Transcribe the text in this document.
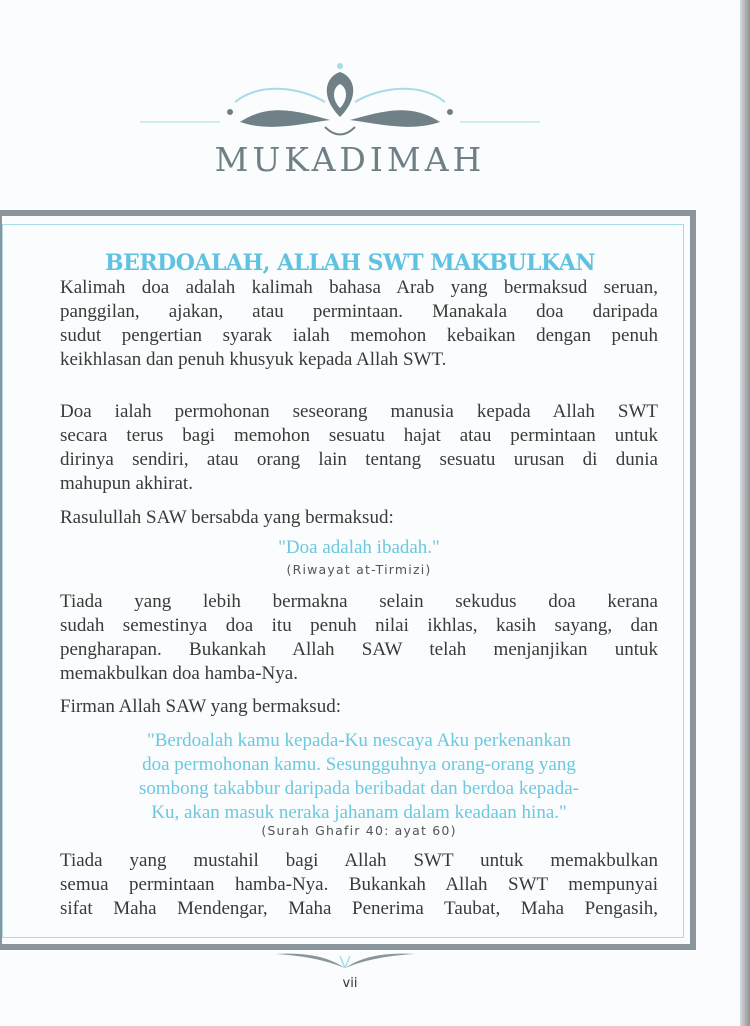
MUKADIMAH
BERDOALAH, ALLAH SWT MAKBULKAN
Kalimah doa adalah kalimah bahasa Arab yang bermaksud seruan,
panggilan, ajakan, atau permintaan. Manakala doa daripada
sudut pengertian syarak ialah memohon kebaikan dengan penuh
keikhlasan dan penuh khusyuk kepada Allah SWT.
Doa ialah permohonan seseorang manusia kepada Allah SWT
secara terus bagi memohon sesuatu hajat atau permintaan untuk
dirinya sendiri, atau orang lain tentang sesuatu urusan di dunia
mahupun akhirat.
Rasulullah SAW bersabda yang bermaksud:
"Doa adalah ibadah."
(Riwayat at-Tirmizi)
Tiada yang lebih bermakna selain sekudus doa kerana
sudah semestinya doa itu penuh nilai ikhlas, kasih sayang, dan
pengharapan. Bukankah Allah SAW telah menjanjikan untuk
memakbulkan doa hamba-Nya.
Firman Allah SAW yang bermaksud:
"Berdoalah kamu kepada-Ku nescaya Aku perkenankan
doa permohonan kamu. Sesungguhnya orang-orang yang
sombong takabbur daripada beribadat dan berdoa kepada-
Ku, akan masuk neraka jahanam dalam keadaan hina."
(Surah Ghafir 40: ayat 60)
Tiada yang mustahil bagi Allah SWT untuk memakbulkan
semua permintaan hamba-Nya. Bukankah Allah SWT mempunyai
sifat Maha Mendengar, Maha Penerima Taubat, Maha Pengasih,
vii
